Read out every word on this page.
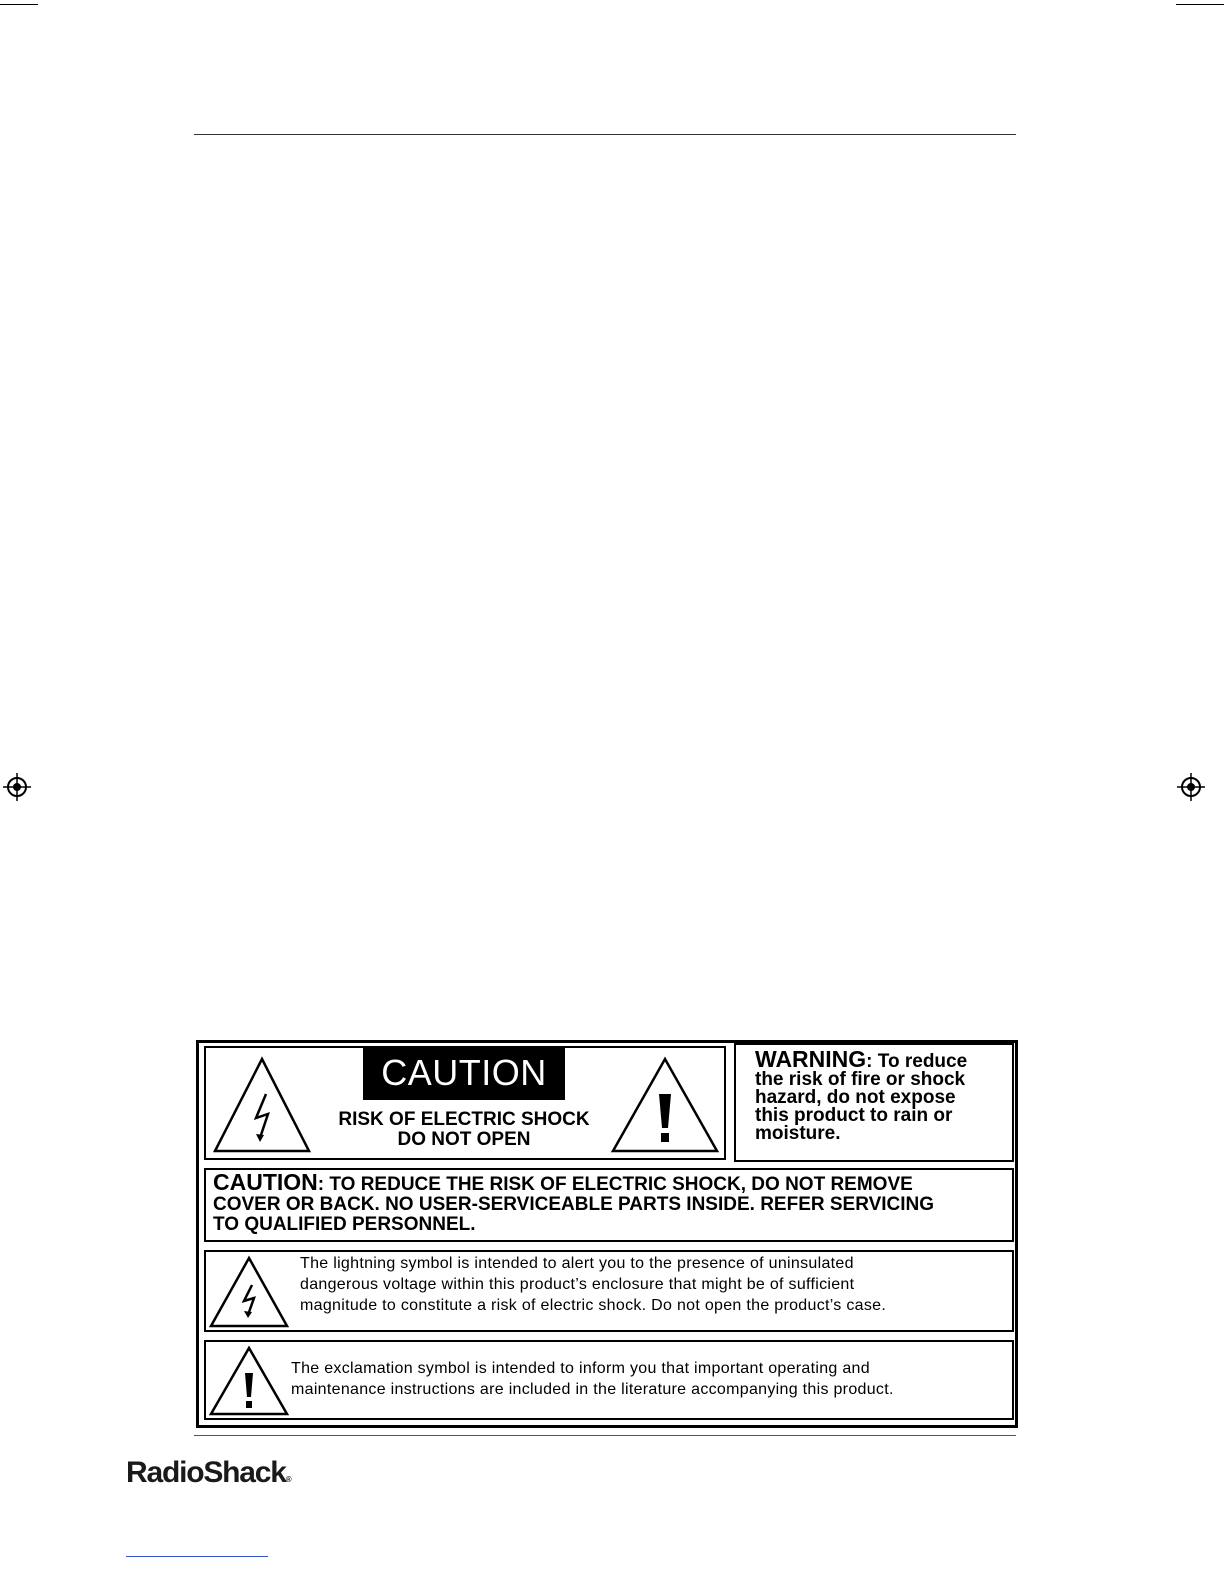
CAUTION
RISK OF ELECTRIC SHOCK
DO NOT OPEN
WARNING: To reduce
the risk of fire or shock
hazard, do not expose
this product to rain or
moisture.
CAUTION: TO REDUCE THE RISK OF ELECTRIC SHOCK, DO NOT REMOVE
COVER OR BACK. NO USER-SERVICEABLE PARTS INSIDE. REFER SERVICING
TO QUALIFIED PERSONNEL.
The lightning symbol is intended to alert you to the presence of uninsulated
dangerous voltage within this product’s enclosure that might be of sufficient
magnitude to constitute a risk of electric shock. Do not open the product’s case.
The exclamation symbol is intended to inform you that important operating and
maintenance instructions are included in the literature accompanying this product.
RadioShack®
